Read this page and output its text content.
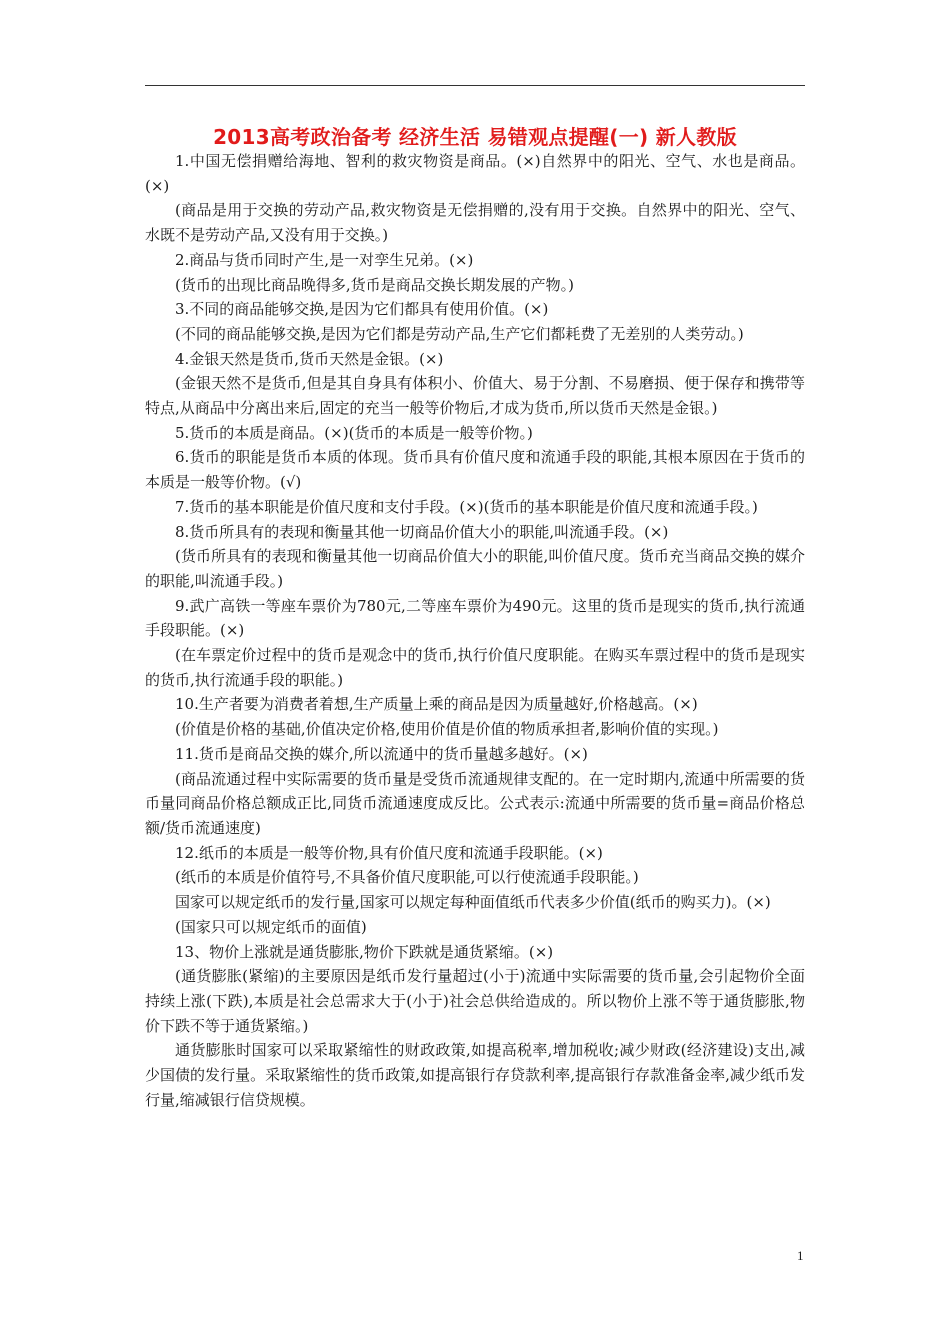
2013高考政治备考 经济生活 易错观点提醒(一) 新人教版

1.中国无偿捐赠给海地、智利的救灾物资是商品。(×)自然界中的阳光、空气、水也是商品。(×)

(商品是用于交换的劳动产品,救灾物资是无偿捐赠的,没有用于交换。自然界中的阳光、空气、水既不是劳动产品,又没有用于交换。)

2.商品与货币同时产生,是一对孪生兄弟。(×)

(货币的出现比商品晚得多,货币是商品交换长期发展的产物。)

3.不同的商品能够交换,是因为它们都具有使用价值。(×)

(不同的商品能够交换,是因为它们都是劳动产品,生产它们都耗费了无差别的人类劳动。)

4.金银天然是货币,货币天然是金银。(×)

(金银天然不是货币,但是其自身具有体积小、价值大、易于分割、不易磨损、便于保存和携带等特点,从商品中分离出来后,固定的充当一般等价物后,才成为货币,所以货币天然是金银。)

5.货币的本质是商品。(×)(货币的本质是一般等价物。)

6.货币的职能是货币本质的体现。货币具有价值尺度和流通手段的职能,其根本原因在于货币的本质是一般等价物。(√)

7.货币的基本职能是价值尺度和支付手段。(×)(货币的基本职能是价值尺度和流通手段。)

8.货币所具有的表现和衡量其他一切商品价值大小的职能,叫流通手段。(×)

(货币所具有的表现和衡量其他一切商品价值大小的职能,叫价值尺度。货币充当商品交换的媒介的职能,叫流通手段。)

9.武广高铁一等座车票价为780元,二等座车票价为490元。这里的货币是现实的货币,执行流通手段职能。(×)

(在车票定价过程中的货币是观念中的货币,执行价值尺度职能。在购买车票过程中的货币是现实的货币,执行流通手段的职能。)

10.生产者要为消费者着想,生产质量上乘的商品是因为质量越好,价格越高。(×)

(价值是价格的基础,价值决定价格,使用价值是价值的物质承担者,影响价值的实现。)

11.货币是商品交换的媒介,所以流通中的货币量越多越好。(×)

(商品流通过程中实际需要的货币量是受货币流通规律支配的。在一定时期内,流通中所需要的货币量同商品价格总额成正比,同货币流通速度成反比。公式表示:流通中所需要的货币量=商品价格总额/货币流通速度)

12.纸币的本质是一般等价物,具有价值尺度和流通手段职能。(×)

(纸币的本质是价值符号,不具备价值尺度职能,可以行使流通手段职能。)

国家可以规定纸币的发行量,国家可以规定每种面值纸币代表多少价值(纸币的购买力)。(×)

(国家只可以规定纸币的面值)

13、物价上涨就是通货膨胀,物价下跌就是通货紧缩。(×)

(通货膨胀(紧缩)的主要原因是纸币发行量超过(小于)流通中实际需要的货币量,会引起物价全面持续上涨(下跌),本质是社会总需求大于(小于)社会总供给造成的。所以物价上涨不等于通货膨胀,物价下跌不等于通货紧缩。)

通货膨胀时国家可以采取紧缩性的财政政策,如提高税率,增加税收;减少财政(经济建设)支出,减少国债的发行量。采取紧缩性的货币政策,如提高银行存贷款利率,提高银行存款准备金率,减少纸币发行量,缩减银行信贷规模。

1
